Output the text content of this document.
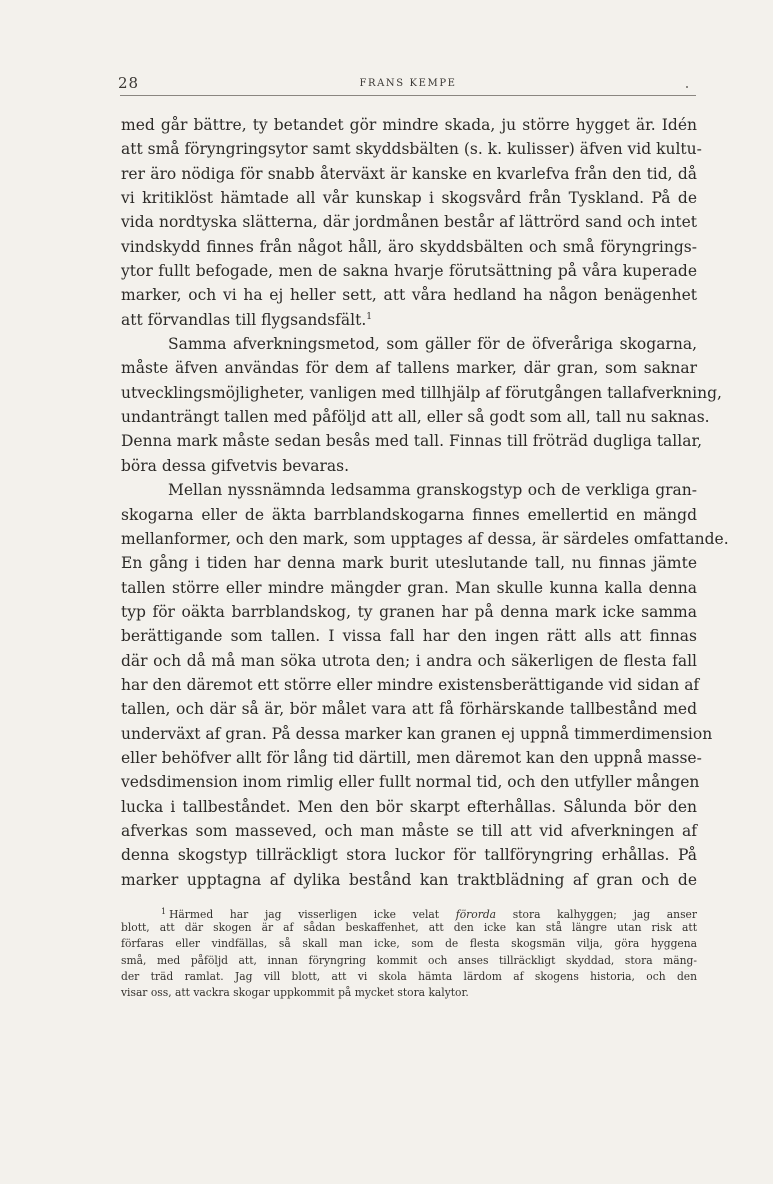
28	FRANS KEMPE
med går bättre, ty betandet gör mindre skada, ju större hygget är. Idén
att små föryngringsytor samt skyddsbälten (s. k. kulisser) äfven vid kultu-
rer äro nödiga för snabb återväxt är kanske en kvarlefva från den tid, då
vi kritiklöst hämtade all vår kunskap i skogsvård från Tyskland. På de
vida nordtyska slätterna, där jordmånen består af lättrörd sand och intet
vindskydd finnes från något håll, äro skyddsbälten och små föryngrings-
ytor fullt befogade, men de sakna hvarje förutsättning på våra kuperade
marker, och vi ha ej heller sett, att våra hedland ha någon benägenhet
att förvandlas till flygsandsfält.$^1$
Samma afverkningsmetod, som gäller för de öfveråriga skogarna,
måste äfven användas för dem af tallens marker, där gran, som saknar
utvecklingsmöjligheter, vanligen med tillhjälp af förutgången tallafverkning,
undanträngt tallen med påföljd att all, eller så godt som all, tall nu saknas.
Denna mark måste sedan besås med tall. Finnas till fröträd dugliga tallar,
böra dessa gifvetvis bevaras.
Mellan nyssnämnda ledsamma granskogstyp och de verkliga gran-
skogarna eller de äkta barrblandskogarna finnes emellertid en mängd
mellanformer, och den mark, som upptages af dessa, är särdeles omfattande.
En gång i tiden har denna mark burit uteslutande tall, nu finnas jämte
tallen större eller mindre mängder gran. Man skulle kunna kalla denna
typ för oäkta barrblandskog, ty granen har på denna mark icke samma
berättigande som tallen. I vissa fall har den ingen rätt alls att finnas
där och då må man söka utrota den; i andra och säkerligen de flesta fall
har den däremot ett större eller mindre existensberättigande vid sidan af
tallen, och där så är, bör målet vara att få förhärskande tallbestånd med
underväxt af gran. På dessa marker kan granen ej uppnå timmerdimension
eller behöfver allt för lång tid därtill, men däremot kan den uppnå masse-
vedsdimension inom rimlig eller fullt normal tid, och den utfyller mången
lucka i tallbeståndet. Men den bör skarpt efterhållas. Sålunda bör den
afverkas som masseved, och man måste se till att vid afverkningen af
denna skogstyp tillräckligt stora luckor för tallföryngring erhållas. På
marker upptagna af dylika bestånd kan traktblädning af gran och de
$^1$ Härmed har jag visserligen icke velat förorda stora kalhyggen; jag anser
blott, att där skogen är af sådan beskaffenhet, att den icke kan stå längre utan risk att
förfaras eller vindfällas, så skall man icke, som de flesta skogsmän vilja, göra hyggena
små, med påföljd att, innan föryngring kommit och anses tillräckligt skyddad, stora mäng-
der träd ramlat. Jag vill blott, att vi skola hämta lärdom af skogens historia, och den
visar oss, att vackra skogar uppkommit på mycket stora kalytor.
